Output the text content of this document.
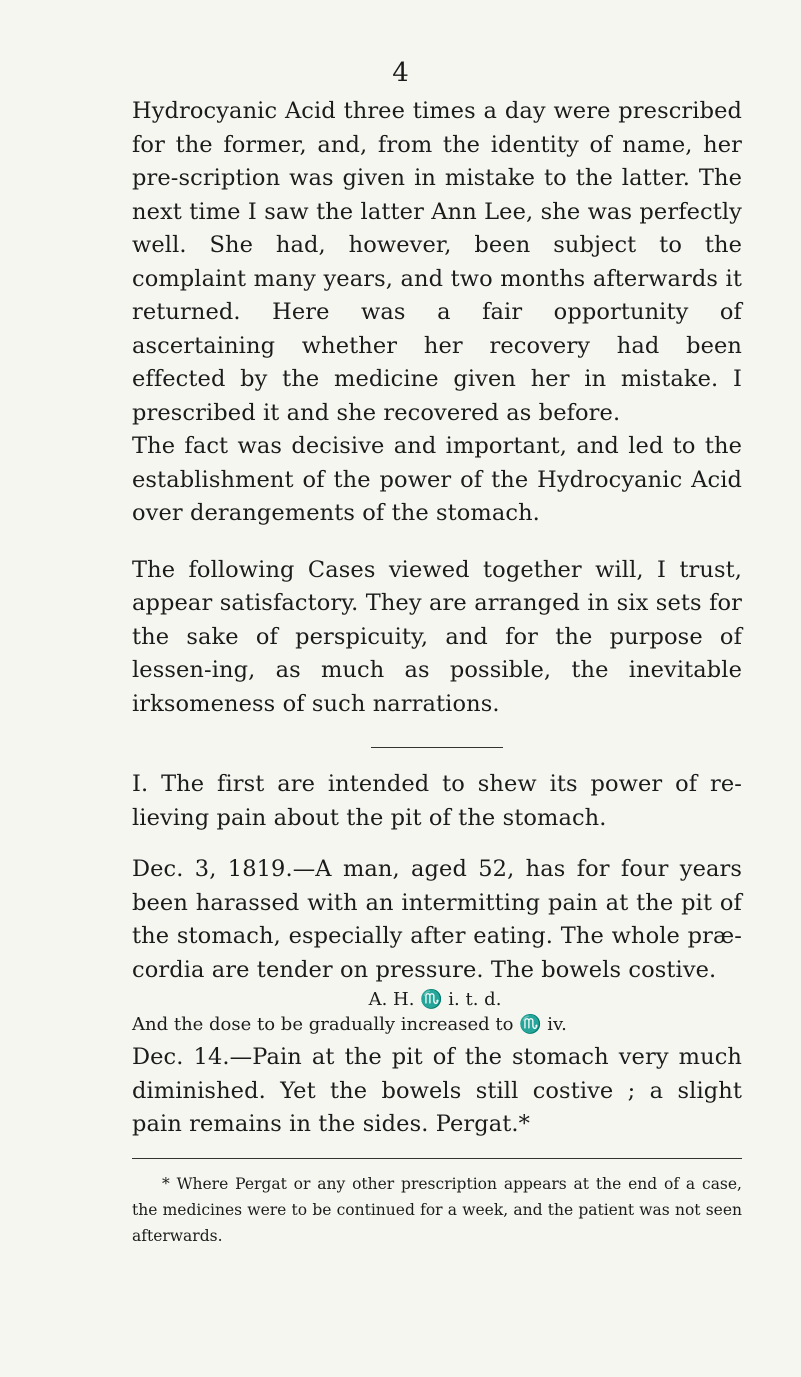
4

Hydrocyanic Acid three times a day were prescribed for the former, and, from the identity of name, her pre-scription was given in mistake to the latter. The next time I saw the latter Ann Lee, she was perfectly well. She had, however, been subject to the complaint many years, and two months afterwards it returned. Here was a fair opportunity of ascertaining whether her recovery had been effected by the medicine given her in mistake. I prescribed it and she recovered as before.

The fact was decisive and important, and led to the establishment of the power of the Hydrocyanic Acid over derangements of the stomach.

The following Cases viewed together will, I trust, appear satisfactory. They are arranged in six sets for the sake of perspicuity, and for the purpose of lessen-ing, as much as possible, the inevitable irksomeness of such narrations.

I. The first are intended to shew its power of re-lieving pain about the pit of the stomach.

Dec. 3, 1819.—A man, aged 52, has for four years been harassed with an intermitting pain at the pit of the stomach, especially after eating. The whole præ-cordia are tender on pressure. The bowels costive.

A. H. ♏ i. t. d.

And the dose to be gradually increased to ♏ iv.

Dec. 14.—Pain at the pit of the stomach very much diminished. Yet the bowels still costive ; a slight pain remains in the sides. Pergat.*

* Where Pergat or any other prescription appears at the end of a case, the medicines were to be continued for a week, and the patient was not seen afterwards.
